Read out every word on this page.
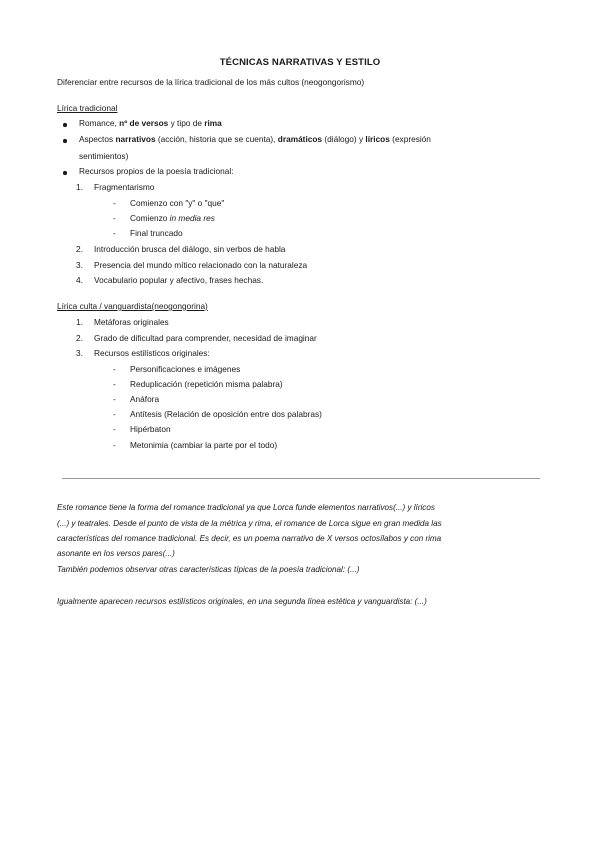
TÉCNICAS NARRATIVAS Y ESTILO
Diferenciar entre recursos de la lírica tradicional de los más cultos (neogongorismo)
Lírica tradicional
Romance, nº de versos y tipo de rima
Aspectos narrativos (acción, historia que se cuenta), dramáticos (diálogo) y líricos (expresión
sentimientos)
Recursos propios de la poesía tradicional:
1. Fragmentarismo
- Comienzo con "y" o "que"
- Comienzo in media res
- Final truncado
2. Introducción brusca del diálogo, sin verbos de habla
3. Presencia del mundo mítico relacionado con la naturaleza
4. Vocabulario popular y afectivo, frases hechas.
Lírica culta / vanguardista(neogongorina)
1. Metáforas originales
2. Grado de dificultad para comprender, necesidad de imaginar
3. Recursos estilísticos originales:
- Personificaciones e imágenes
- Reduplicación (repetición misma palabra)
- Anáfora
- Antítesis (Relación de oposición entre dos palabras)
- Hipérbaton
- Metonimia (cambiar la parte por el todo)
Este romance tiene la forma del romance tradicional ya que Lorca funde elementos narrativos(...) y líricos
(...) y teatrales. Desde el punto de vista de la métrica y rima, el romance de Lorca sigue en gran medida las
características del romance tradicional. Es decir, es un poema narrativo de X versos octosílabos y con rima
asonante en los versos pares(...)
También podemos observar otras características típicas de la poesía tradicional: (...)
Igualmente aparecen recursos estilísticos originales, en una segunda línea estética y vanguardista: (...)
